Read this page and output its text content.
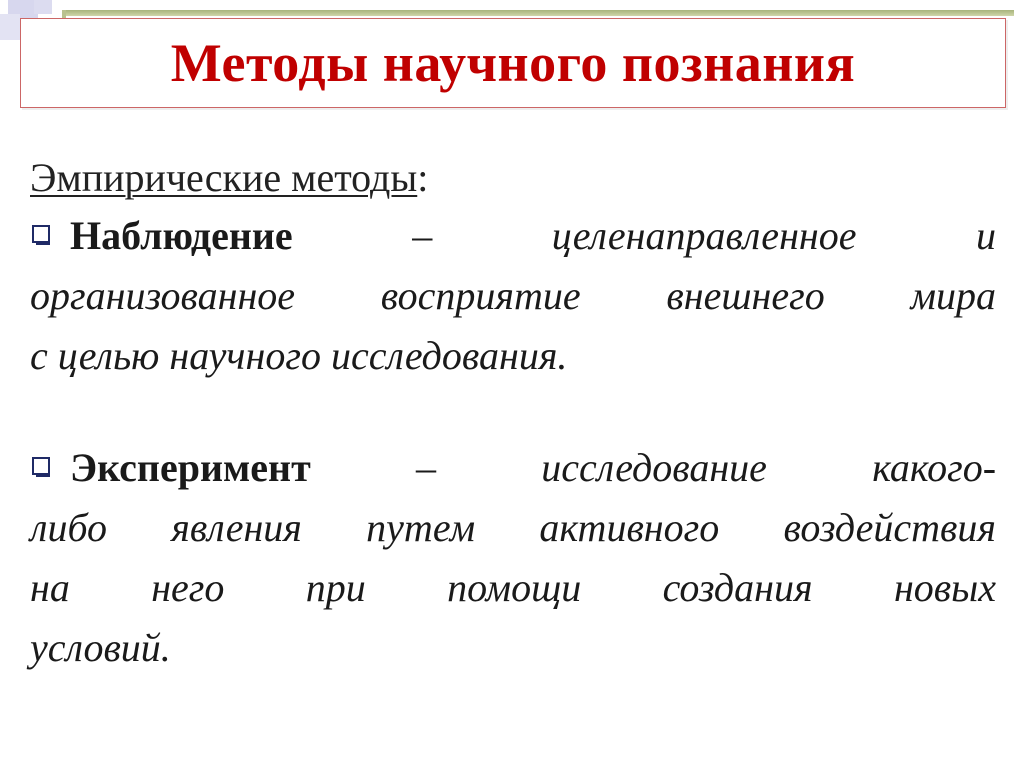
Методы научного познания
Эмпирические методы:
Наблюдение	–	целенаправленное и
организованное восприятие внешнего мира
с целью научного исследования.
Эксперимент	–	исследование какого-
либо явления путем активного воздействия
на него при помощи создания новых
условий.
